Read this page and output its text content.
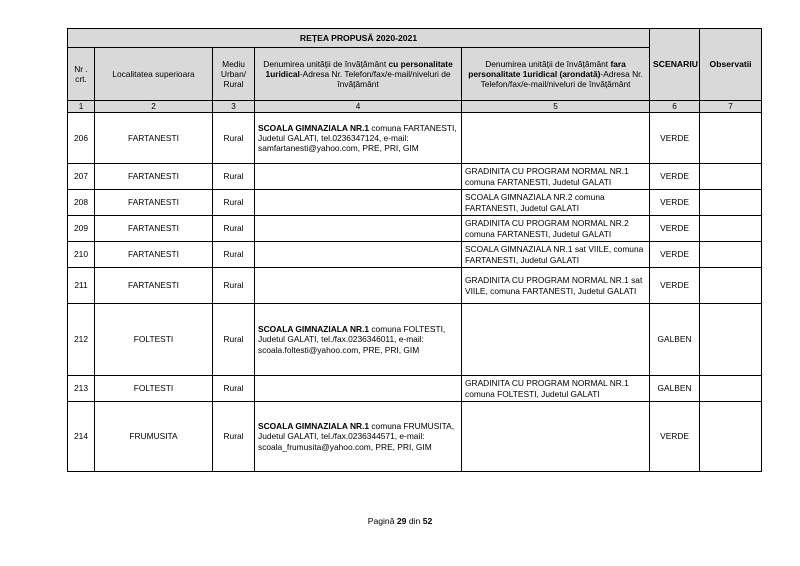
REȚEA PROPUSĂ 2020-2021					SCENARIU	Observatii
Nr . crt.	Localitatea superioara	Mediu Urban/ Rural	Denumirea unității de învățământ cu personalitate 1uridical-Adresa Nr. Telefon/fax/e-mail/niveluri de învățământ	Denumirea unității de învățământ fara personalitate 1uridical (arondată)-Adresa Nr. Telefon/fax/e-mail/niveluri de învățământ		
1	2	3	4	5	6	7
206	FARTANESTI	Rural	SCOALA GIMNAZIALA NR.1 comuna FARTANESTI, Judetul GALATI, tel.0236347124, e-mail: samfartanesti@yahoo.com, PRE, PRI, GIM		VERDE	
207	FARTANESTI	Rural		GRADINITA CU PROGRAM NORMAL NR.1 comuna FARTANESTI, Judetul GALATI	VERDE	
208	FARTANESTI	Rural		SCOALA GIMNAZIALA NR.2 comuna FARTANESTI, Judetul GALATI	VERDE	
209	FARTANESTI	Rural		GRADINITA CU PROGRAM NORMAL NR.2 comuna FARTANESTI, Judetul GALATI	VERDE	
210	FARTANESTI	Rural		SCOALA GIMNAZIALA NR.1 sat VIILE, comuna FARTANESTI, Judetul GALATI	VERDE	
211	FARTANESTI	Rural		GRADINITA CU PROGRAM NORMAL NR.1 sat VIILE, comuna FARTANESTI, Judetul GALATI	VERDE	
212	FOLTESTI	Rural	SCOALA GIMNAZIALA NR.1 comuna FOLTESTI, Judetul GALATI, tel./fax.0236346011, e-mail: scoala.foltesti@yahoo.com, PRE, PRI, GIM		GALBEN	
213	FOLTESTI	Rural		GRADINITA CU PROGRAM NORMAL NR.1 comuna FOLTESTI, Judetul GALATI	GALBEN	
214	FRUMUSITA	Rural	SCOALA GIMNAZIALA NR.1 comuna FRUMUSITA, Judetul GALATI, tel./fax.0236344571, e-mail: scoala_frumusita@yahoo.com, PRE, PRI, GIM		VERDE	
Pagină 29 din 52
